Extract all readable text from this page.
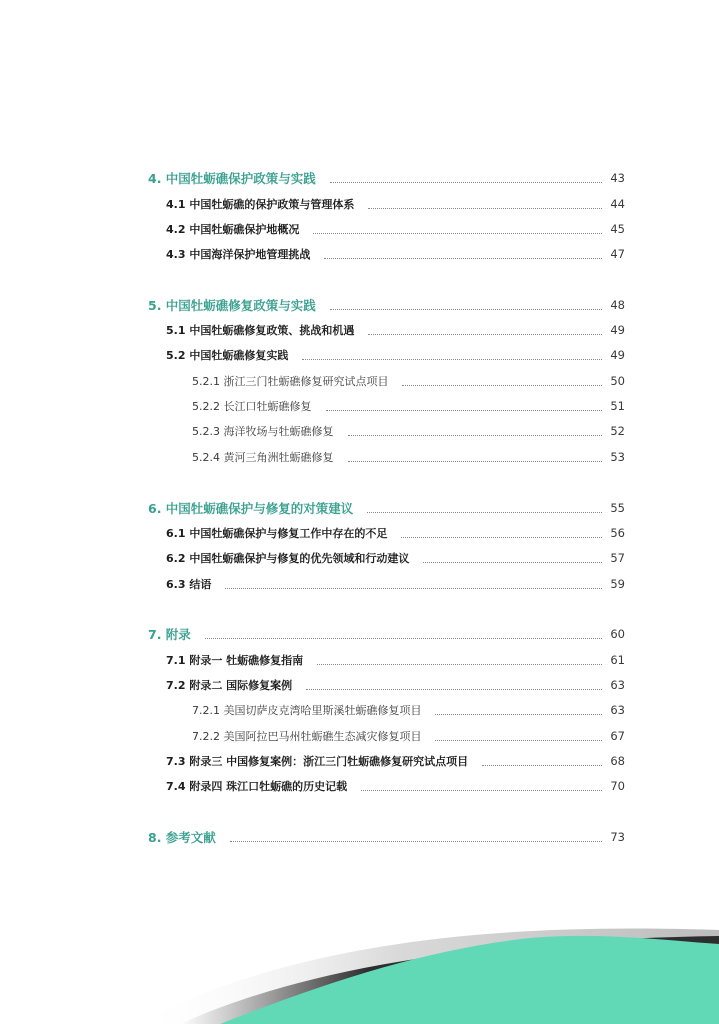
4. 中国牡蛎礁保护政策与实践	43
4.1 中国牡蛎礁的保护政策与管理体系	44
4.2 中国牡蛎礁保护地概况	45
4.3 中国海洋保护地管理挑战	47
5. 中国牡蛎礁修复政策与实践	48
5.1 中国牡蛎礁修复政策、挑战和机遇	49
5.2 中国牡蛎礁修复实践	49
5.2.1 浙江三门牡蛎礁修复研究试点项目	50
5.2.2 长江口牡蛎礁修复	51
5.2.3 海洋牧场与牡蛎礁修复	52
5.2.4 黄河三角洲牡蛎礁修复	53
6. 中国牡蛎礁保护与修复的对策建议	55
6.1 中国牡蛎礁保护与修复工作中存在的不足	56
6.2 中国牡蛎礁保护与修复的优先领域和行动建议	57
6.3 结语	59
7. 附录	60
7.1 附录一 牡蛎礁修复指南	61
7.2 附录二 国际修复案例	63
7.2.1 美国切萨皮克湾哈里斯溪牡蛎礁修复项目	63
7.2.2 美国阿拉巴马州牡蛎礁生态减灾修复项目	67
7.3 附录三 中国修复案例：浙江三门牡蛎礁修复研究试点项目	68
7.4 附录四 珠江口牡蛎礁的历史记载	70
8. 参考文献	73
